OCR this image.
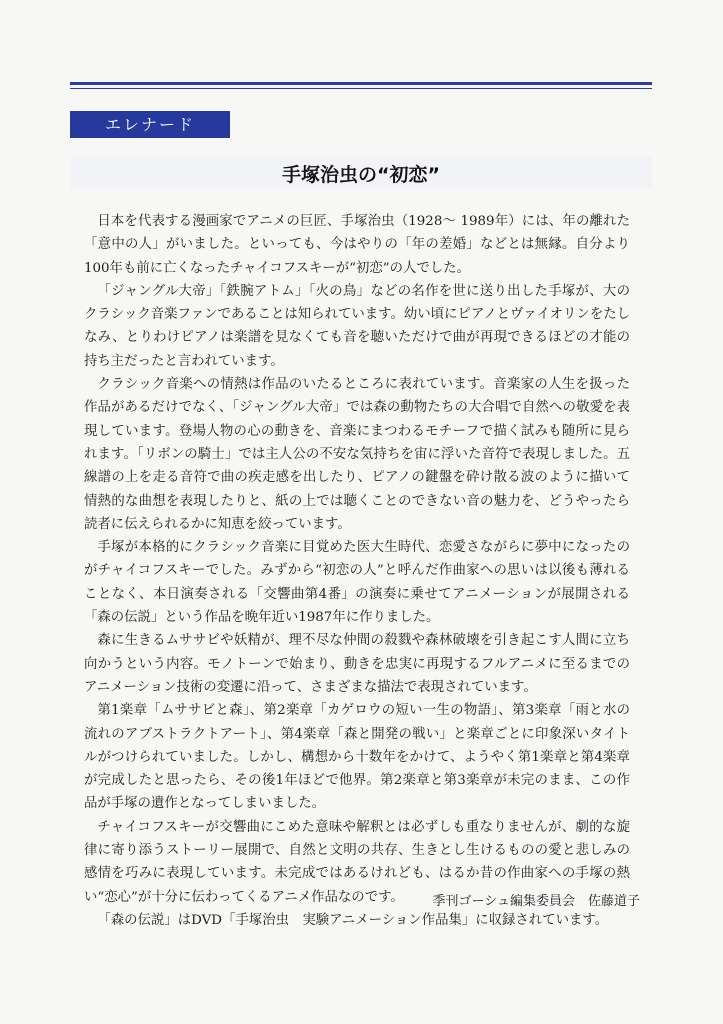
エレナード
手塚治虫の“初恋”

日本を代表する漫画家でアニメの巨匠、手塚治虫（1928～ 1989年）には、年の離れた「意中の人」がいました。といっても、今はやりの「年の差婚」などとは無縁。自分より100年も前に亡くなったチャイコフスキーが“初恋”の人でした。

「ジャングル大帝」「鉄腕アトム」「火の鳥」などの名作を世に送り出した手塚が、大のクラシック音楽ファンであることは知られています。幼い頃にピアノとヴァイオリンをたしなみ、とりわけピアノは楽譜を見なくても音を聴いただけで曲が再現できるほどの才能の持ち主だったと言われています。

クラシック音楽への情熱は作品のいたるところに表れています。音楽家の人生を扱った作品があるだけでなく、「ジャングル大帝」では森の動物たちの大合唱で自然への敬愛を表現しています。登場人物の心の動きを、音楽にまつわるモチーフで描く試みも随所に見られます。「リボンの騎士」では主人公の不安な気持ちを宙に浮いた音符で表現しました。五線譜の上を走る音符で曲の疾走感を出したり、ピアノの鍵盤を砕け散る波のように描いて情熱的な曲想を表現したりと、紙の上では聴くことのできない音の魅力を、どうやったら読者に伝えられるかに知恵を絞っています。

手塚が本格的にクラシック音楽に目覚めた医大生時代、恋愛さながらに夢中になったのがチャイコフスキーでした。みずから“初恋の人”と呼んだ作曲家への思いは以後も薄れることなく、本日演奏される「交響曲第4番」の演奏に乗せてアニメーションが展開される「森の伝説」という作品を晩年近い1987年に作りました。

森に生きるムササビや妖精が、理不尽な仲間の殺戮や森林破壊を引き起こす人間に立ち向かうという内容。モノトーンで始まり、動きを忠実に再現するフルアニメに至るまでのアニメーション技術の変遷に沿って、さまざまな描法で表現されています。

第1楽章「ムササビと森」、第2楽章「カゲロウの短い一生の物語」、第3楽章「雨と水の流れのアブストラクトアート」、第4楽章「森と開発の戦い」と楽章ごとに印象深いタイトルがつけられていました。しかし、構想から十数年をかけて、ようやく第1楽章と第4楽章が完成したと思ったら、その後1年ほどで他界。第2楽章と第3楽章が未完のまま、この作品が手塚の遺作となってしまいました。

チャイコフスキーが交響曲にこめた意味や解釈とは必ずしも重なりませんが、劇的な旋律に寄り添うストーリー展開で、自然と文明の共存、生きとし生けるものの愛と悲しみの感情を巧みに表現しています。未完成ではあるけれども、はるか昔の作曲家への手塚の熱い“恋心”が十分に伝わってくるアニメ作品なのです。

「森の伝説」はDVD「手塚治虫　実験アニメーション作品集」に収録されています。

季刊ゴーシュ編集委員会　佐藤道子
